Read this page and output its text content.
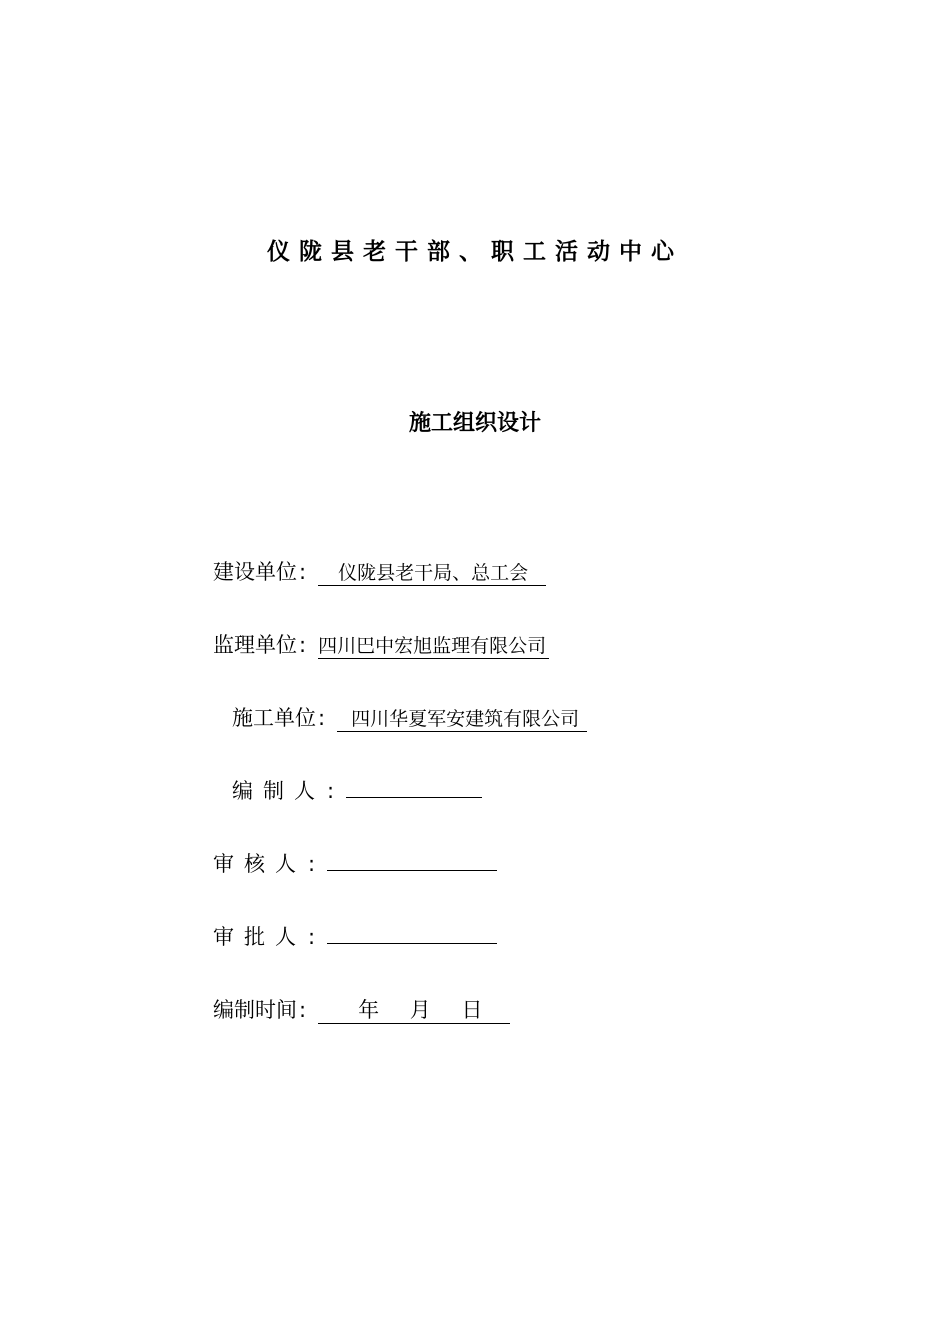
仪陇县老干部、职工活动中心
施工组织设计
建设单位 :	仪陇县老干局、总工会
监理单位 : 四川巴中宏旭监理有限公司
施工单位 :	四川华夏军安建筑有限公司
编制人 :
审核人 :
审批人 :
编制时间 :	年 月 日
